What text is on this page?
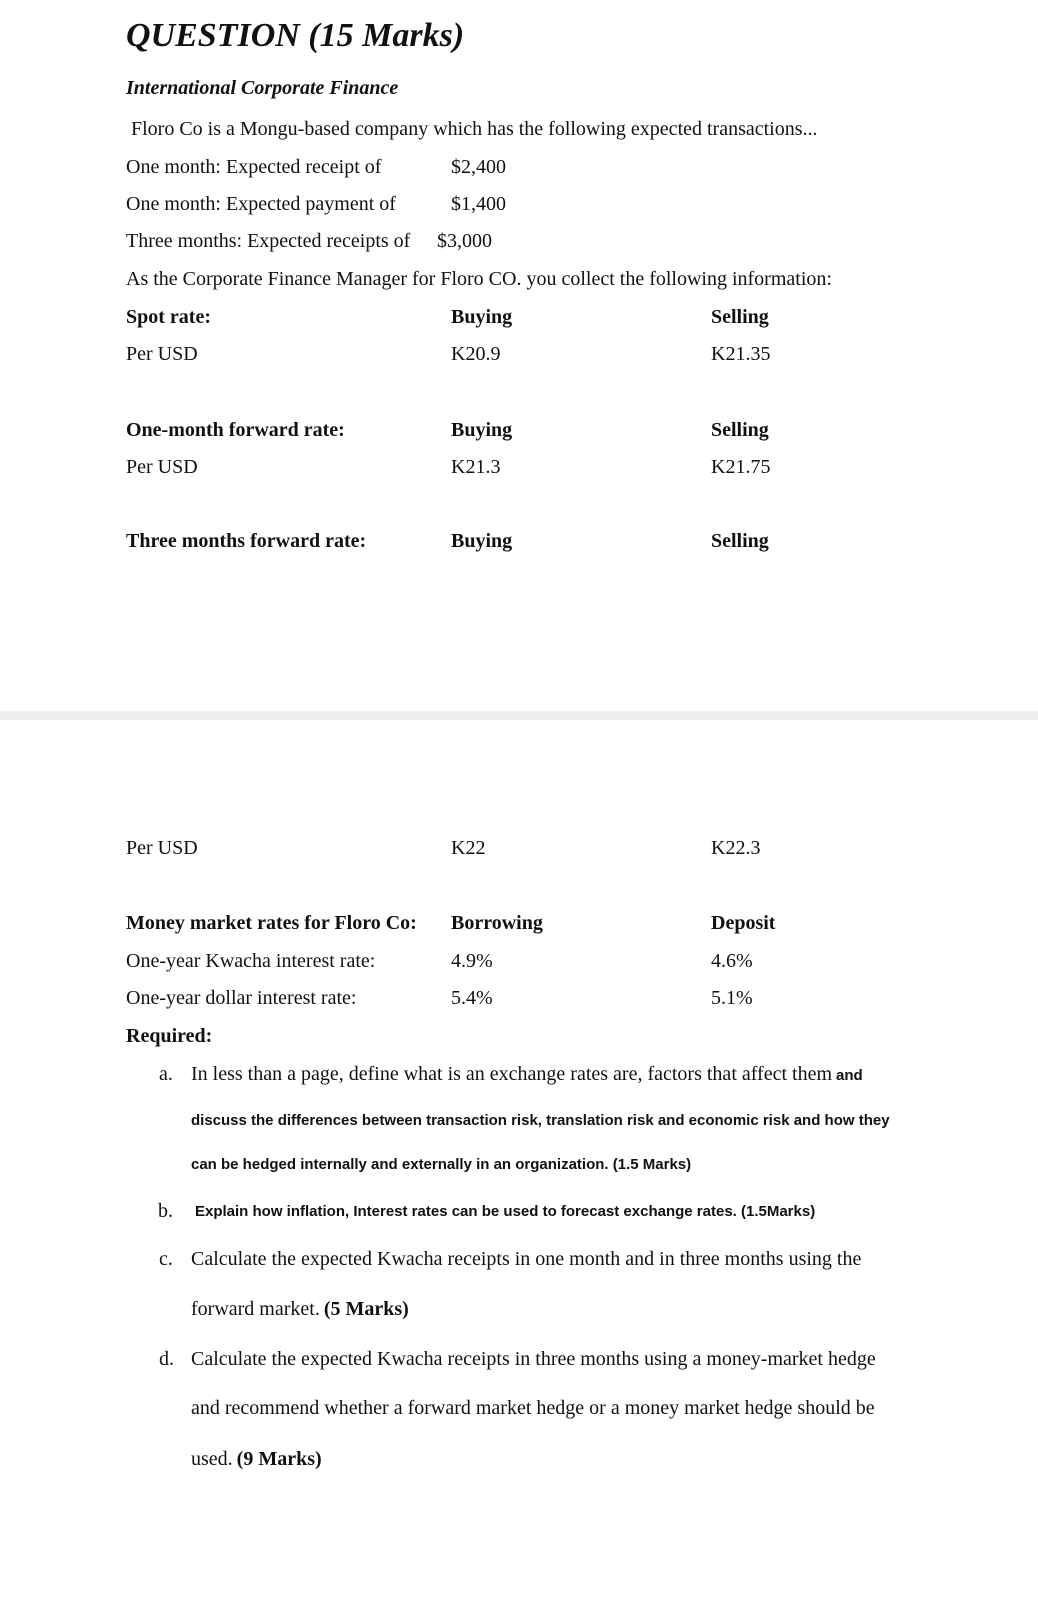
QUESTION (15 Marks)
International Corporate Finance
Floro Co is a Mongu-based company which has the following expected transactions...
One month: Expected receipt of	$2,400
One month: Expected payment of	$1,400
Three months: Expected receipts of $3,000
As the Corporate Finance Manager for Floro CO. you collect the following information:
Spot rate:	Buying	Selling
Per USD	K20.9	K21.35
One-month forward rate:	Buying	Selling
Per USD	K21.3	K21.75
Three months forward rate:	Buying	Selling
Per USD	K22	K22.3
Money market rates for Floro Co: Borrowing	Deposit
One-year Kwacha interest rate:	4.9%	4.6%
One-year dollar interest rate:	5.4%	5.1%
Required:
a. In less than a page, define what is an exchange rates are, factors that affect them and
discuss the differences between transaction risk, translation risk and economic risk and how they
can be hedged internally and externally in an organization. (1.5 Marks)
b. Explain how inflation, Interest rates can be used to forecast exchange rates. (1.5Marks)
c. Calculate the expected Kwacha receipts in one month and in three months using the
forward market. (5 Marks)
d. Calculate the expected Kwacha receipts in three months using a money-market hedge
and recommend whether a forward market hedge or a money market hedge should be
used. (9 Marks)
